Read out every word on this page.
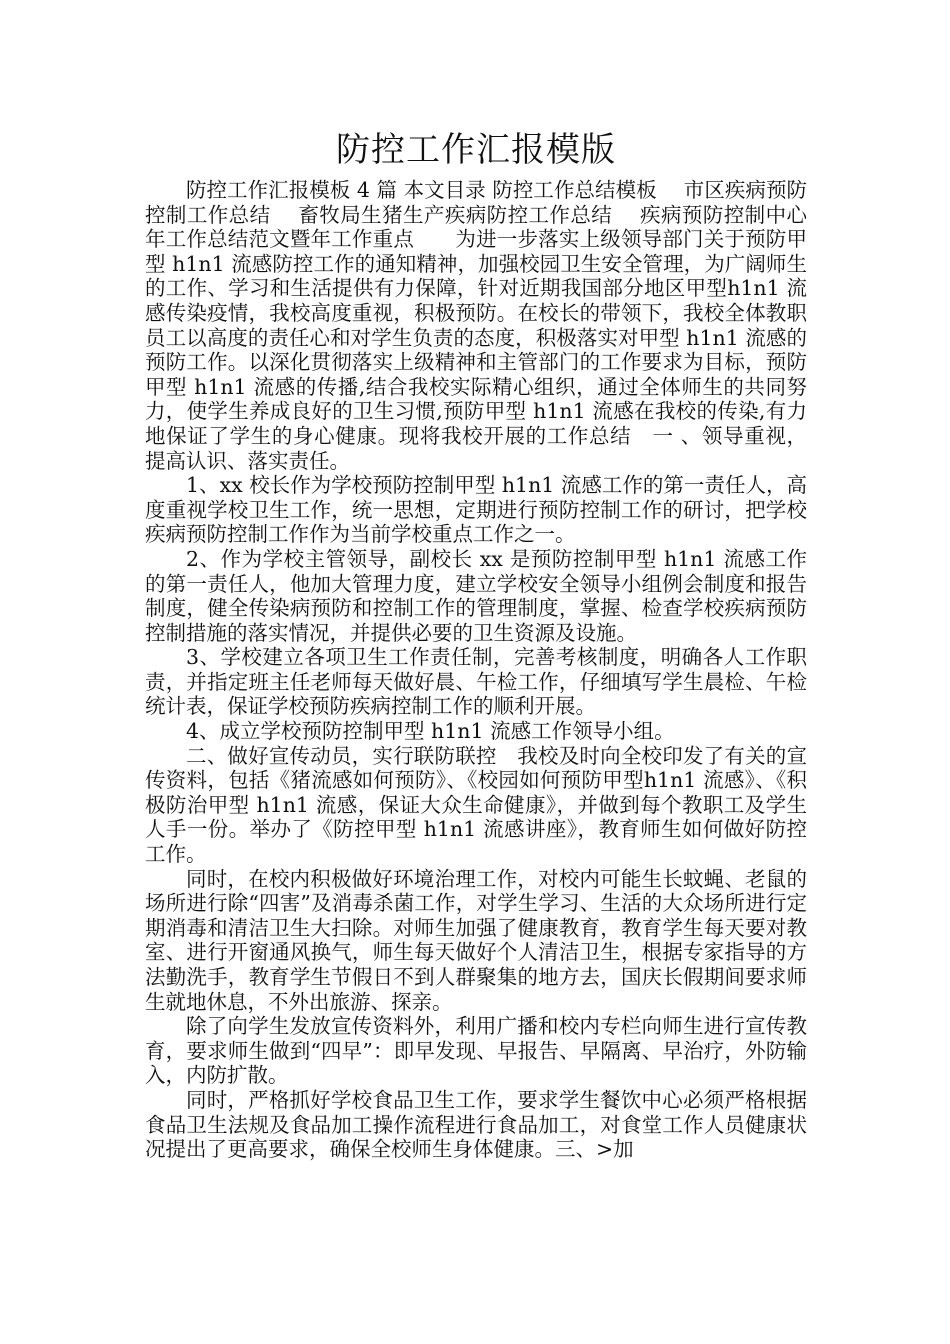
防控工作汇报模版

防控工作汇报模板 4 篇 本文目录 防控工作总结模板　 市区疾病预防控制工作总结　 畜牧局生猪生产疾病防控工作总结　 疾病预防控制中心年工作总结范文暨年工作重点　　为进一步落实上级领导部门关于预防甲型 h1n1 流感防控工作的通知精神，加强校园卫生安全管理，为广阔师生的工作、学习和生活提供有力保障，针对近期我国部分地区甲型h1n1 流感传染疫情，我校高度重视，积极预防。在校长的带领下，我校全体教职员工以高度的责任心和对学生负责的态度，积极落实对甲型 h1n1 流感的预防工作。以深化贯彻落实上级精神和主管部门的工作要求为目标，预防甲型 h1n1 流感的传播,结合我校实际精心组织，通过全体师生的共同努力，使学生养成良好的卫生习惯,预防甲型 h1n1 流感在我校的传染,有力地保证了学生的身心健康。现将我校开展的工作总结　一 、领导重视，提高认识、落实责任。

1、xx 校长作为学校预防控制甲型 h1n1 流感工作的第一责任人，高度重视学校卫生工作，统一思想，定期进行预防控制工作的研讨，把学校疾病预防控制工作作为当前学校重点工作之一。

2、作为学校主管领导，副校长 xx 是预防控制甲型 h1n1 流感工作的第一责任人，他加大管理力度，建立学校安全领导小组例会制度和报告制度，健全传染病预防和控制工作的管理制度，掌握、检查学校疾病预防控制措施的落实情况，并提供必要的卫生资源及设施。

3、学校建立各项卫生工作责任制，完善考核制度，明确各人工作职责，并指定班主任老师每天做好晨、午检工作，仔细填写学生晨检、午检统计表，保证学校预防疾病控制工作的顺利开展。

4、成立学校预防控制甲型 h1n1 流感工作领导小组。

二、做好宣传动员，实行联防联控　我校及时向全校印发了有关的宣传资料，包括《猪流感如何预防》、《校园如何预防甲型h1n1 流感》、《积极防治甲型 h1n1 流感，保证大众生命健康》，并做到每个教职工及学生人手一份。举办了《防控甲型 h1n1 流感讲座》，教育师生如何做好防控工作。

同时，在校内积极做好环境治理工作，对校内可能生长蚊蝇、老鼠的场所进行除“四害”及消毒杀菌工作，对学生学习、生活的大众场所进行定期消毒和清洁卫生大扫除。对师生加强了健康教育，教育学生每天要对教室、进行开窗通风换气，师生每天做好个人清洁卫生，根据专家指导的方法勤洗手，教育学生节假日不到人群聚集的地方去，国庆长假期间要求师生就地休息，不外出旅游、探亲。

除了向学生发放宣传资料外，利用广播和校内专栏向师生进行宣传教育，要求师生做到“四早”：即早发现、早报告、早隔离、早治疗，外防输入，内防扩散。

同时，严格抓好学校食品卫生工作，要求学生餐饮中心必须严格根据食品卫生法规及食品加工操作流程进行食品加工，对食堂工作人员健康状况提出了更高要求，确保全校师生身体健康。三、>加
